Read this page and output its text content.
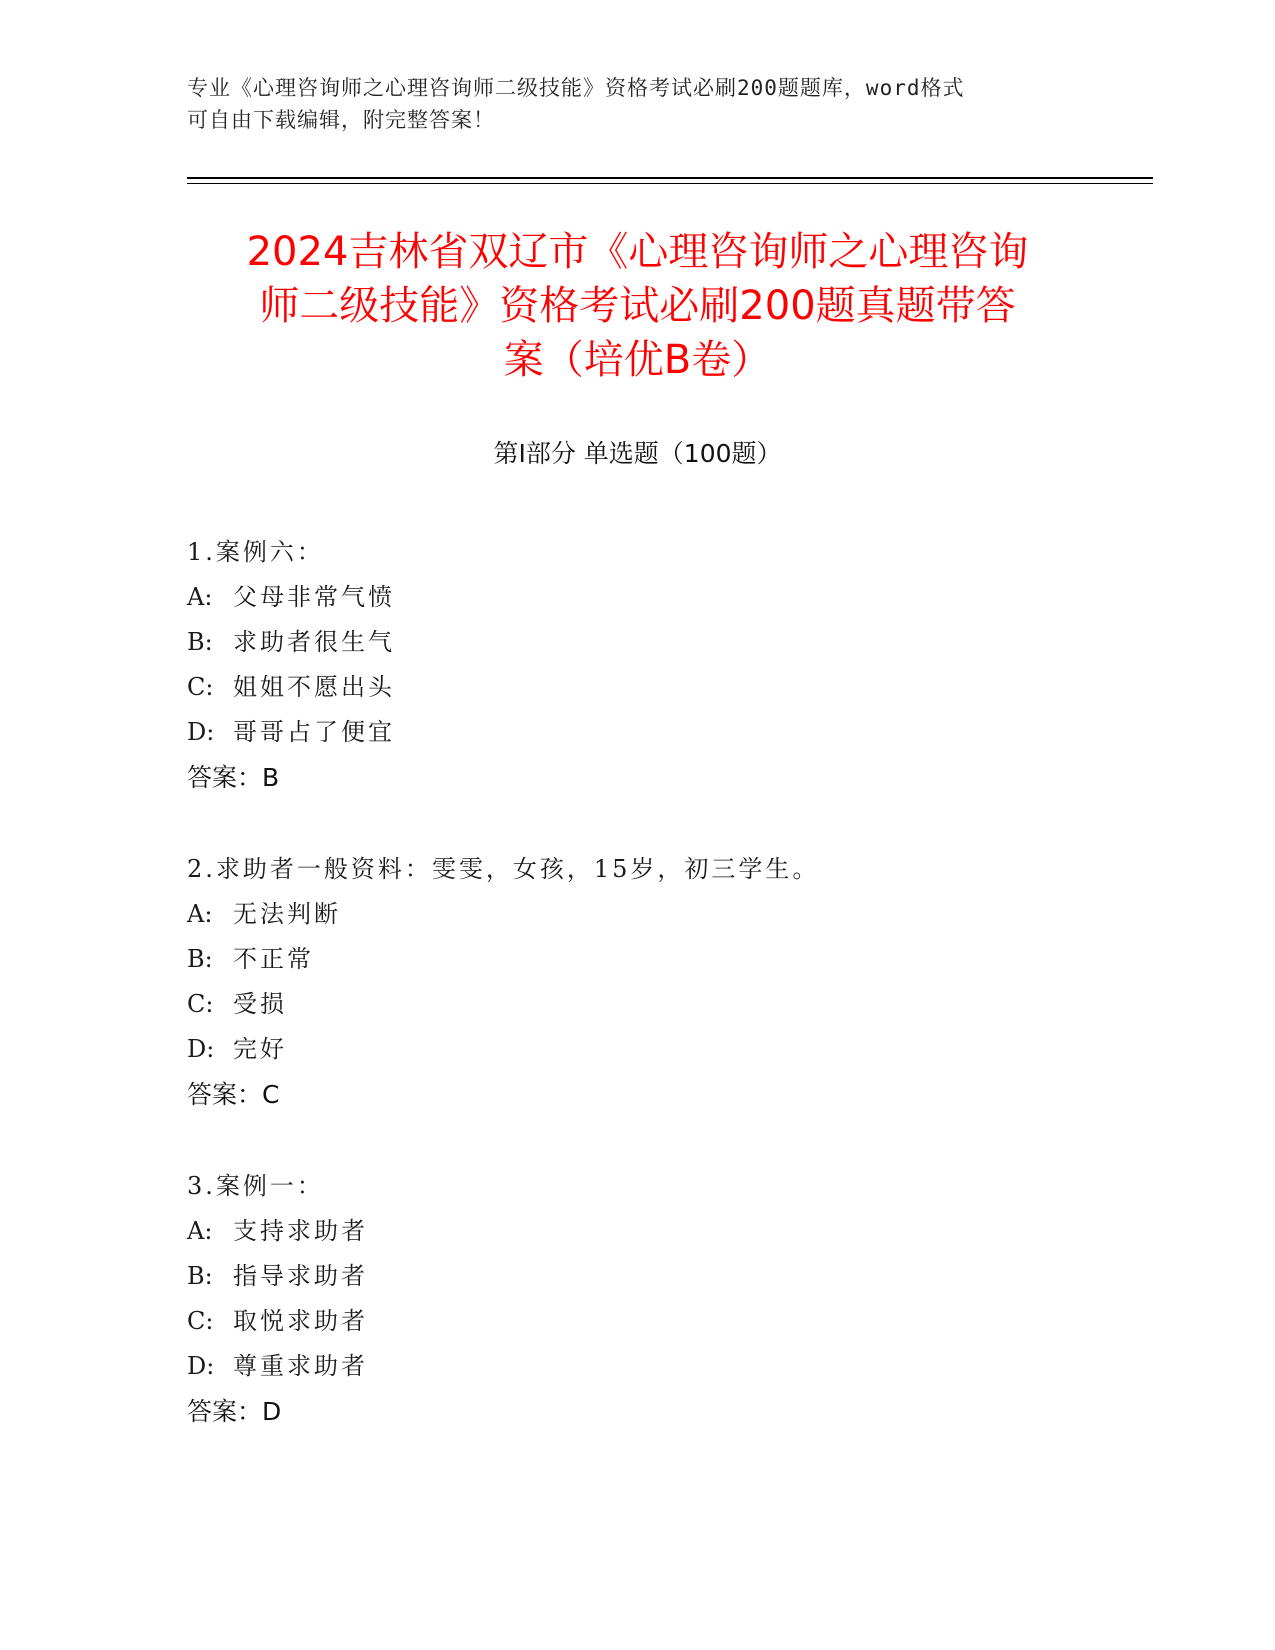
专业《心理咨询师之心理咨询师二级技能》资格考试必刷200题题库，word格式

可自由下载编辑，附完整答案！

2024吉林省双辽市《心理咨询师之心理咨询
师二级技能》资格考试必刷200题真题带答
案（培优B卷）
第Ⅰ部分 单选题（100题）
1.案例六：
A: 父母非常气愤
B: 求助者很生气
C: 姐姐不愿出头
D: 哥哥占了便宜
答案：B
2.求助者一般资料：雯雯，女孩，15岁，初三学生。
A: 无法判断
B: 不正常
C: 受损
D: 完好
答案：C
3.案例一：
A: 支持求助者
B: 指导求助者
C: 取悦求助者
D: 尊重求助者
答案：D
